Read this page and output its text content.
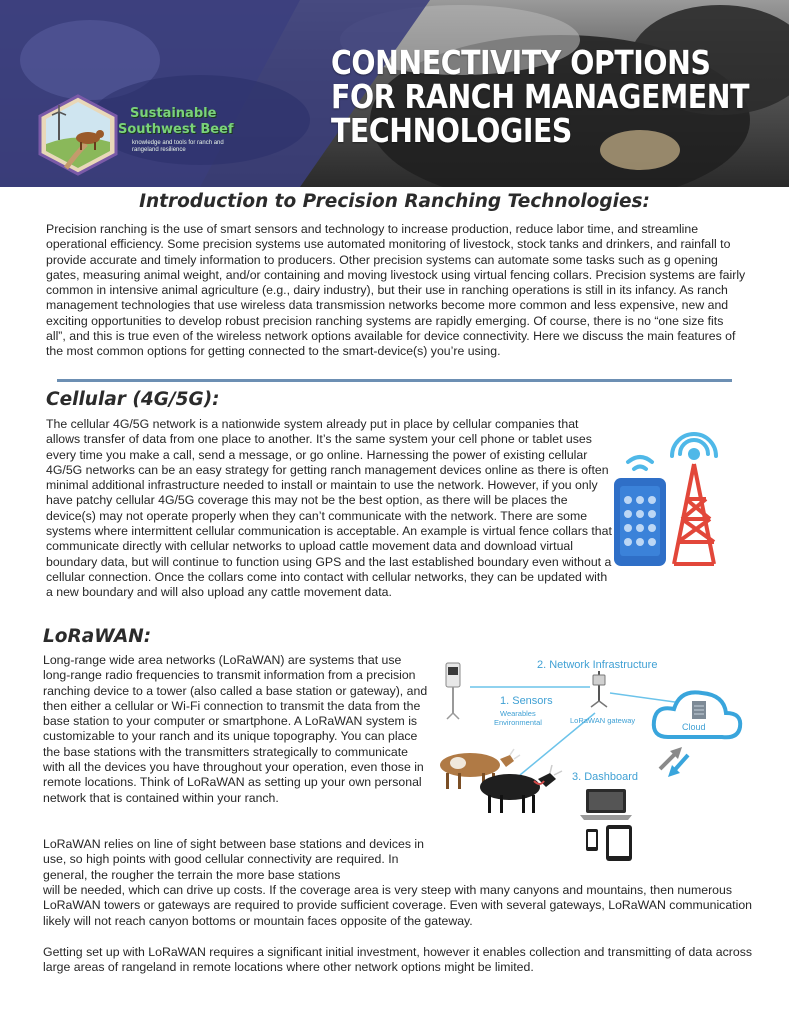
CONNECTIVITY OPTIONS
FOR RANCH MANAGEMENT
TECHNOLOGIES
Sustainable
Southwest Beef
knowledge and tools for ranch and rangeland resilience
Introduction to Precision Ranching Technologies:

Precision ranching is the use of smart sensors and technology to increase production, reduce labor time, and streamline operational efficiency. Some precision systems use automated monitoring of livestock, stock tanks and drinkers, and rainfall to provide accurate and timely information to producers. Other precision systems can automate some tasks such as g opening gates, measuring animal weight, and/or containing and moving livestock using virtual fencing collars. Precision systems are fairly common in intensive animal agriculture (e.g., dairy industry), but their use in ranching operations is still in its infancy. As ranch management technologies that use wireless data transmission networks become more common and less expensive, new and exciting opportunities to develop robust precision ranching systems are rapidly emerging. Of course, there is no “one size fits all”, and this is true even of the wireless network options available for device connectivity. Here we discuss the main features of the most common options for getting connected to the smart-device(s) you’re using.

Cellular (4G/5G):

The cellular 4G/5G network is a nationwide system already put in place by cellular companies that allows transfer of data from one place to another. It’s the same system your cell phone or tablet uses every time you make a call, send a message, or go online. Harnessing the power of existing cellular 4G/5G networks can be an easy strategy for getting ranch management devices online as there is often minimal additional infrastructure needed to install or maintain to use the network. However, if you only have patchy cellular 4G/5G coverage this may not be the best option, as there will be places the device(s) may not operate properly when they can’t communicate with the network. There are some systems where intermittent cellular communication is acceptable. An example is virtual fence collars that communicate directly with cellular networks to upload cattle movement data and download virtual boundary data, but will continue to function using GPS and the last established boundary even without a cellular connection. Once the collars come into contact with cellular networks, they can be updated with a new boundary and will also upload any cattle movement data.

LoRaWAN:

Long-range wide area networks (LoRaWAN) are systems that use long-range radio frequencies to transmit information from a precision ranching device to a tower (also called a base station or gateway), and then either a cellular or Wi-Fi connection to transmit the data from the base station to your computer or smartphone. A LoRaWAN system is customizable to your ranch and its unique topography. You can place the base stations with the transmitters strategically to communicate with all the devices you have throughout your operation, even those in remote locations. Think of LoRaWAN as setting up your own personal network that is contained within your ranch.

LoRaWAN relies on line of sight between base stations and devices in use, so high points with good cellular connectivity are required. In general, the rougher the terrain the more base stations

will be needed, which can drive up costs. If the coverage area is very steep with many canyons and mountains, then numerous LoRaWAN towers or gateways are required to provide sufficient coverage. Even with several gateways, LoRaWAN communication likely will not reach canyon bottoms or mountain faces opposite of the gateway.

Getting set up with LoRaWAN requires a significant initial investment, however it enables collection and transmitting of data across large areas of rangeland in remote locations where other network options might be limited.

2. Network Infrastructure
1. Sensors
Wearables
Environmental	LoRaWAN gateway
Cloud
3. Dashboard
